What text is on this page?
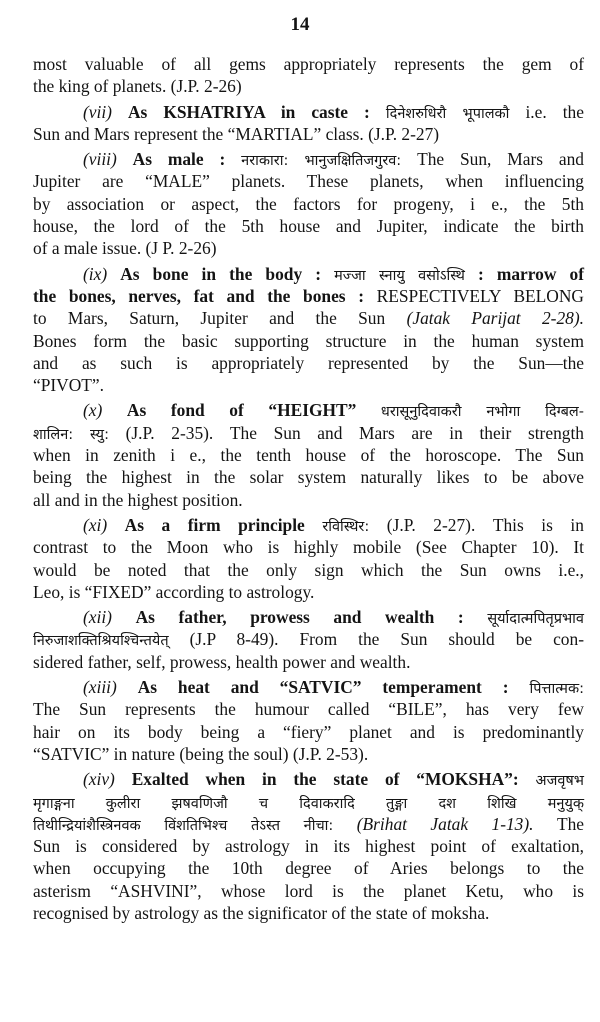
14
most valuable of all gems appropriately represents the gem of
the king of planets. (J.P. 2-26)
(vii) As KSHATRIYA in caste : दिनेशरुधिरौ भूपालकौ i.e. the
Sun and Mars represent the “MARTIAL” class. (J.P. 2-27)
(viii) As male : नराकारा: भानुजक्षितिजगुरव: The Sun, Mars and
Jupiter are “MALE” planets. These planets, when influencing
by association or aspect, the factors for progeny, i e., the 5th
house, the lord of the 5th house and Jupiter, indicate the birth
of a male issue. (J P. 2-26)
(ix) As bone in the body : मज्जा स्नायु वसोऽस्थि : marrow of
the bones, nerves, fat and the bones : RESPECTIVELY BELONG
to Mars, Saturn, Jupiter and the Sun (Jatak Parijat 2-28).
Bones form the basic supporting structure in the human system
and as such is appropriately represented by the Sun—the
“PIVOT”.
(x) As fond of “HEIGHT” धरासूनुदिवाकरौ नभोगा दिग्बल-
शालिन: स्यु: (J.P. 2-35). The Sun and Mars are in their strength
when in zenith i e., the tenth house of the horoscope. The Sun
being the highest in the solar system naturally likes to be above
all and in the highest position.
(xi) As a firm principle रविस्थिर: (J.P. 2-27). This is in
contrast to the Moon who is highly mobile (See Chapter 10). It
would be noted that the only sign which the Sun owns i.e.,
Leo, is “FIXED” according to astrology.
(xii) As father, prowess and wealth : सूर्यादात्मपितृप्रभाव
निरुजाशक्तिश्रियश्चिन्तयेत् (J.P 8-49). From the Sun should be con-
sidered father, self, prowess, health power and wealth.
(xiii) As heat and “SATVIC” temperament : पित्तात्मक:
The Sun represents the humour called “BILE”, has very few
hair on its body being a “fiery” planet and is predominantly
“SATVIC” in nature (being the soul) (J.P. 2-53).
(xiv) Exalted when in the state of “MOKSHA”: अजवृषभ
मृगाङ्गना कुलीरा झषवणिजौ च दिवाकरादि तुङ्गा दश शिखि मनुयुक्
तिथीन्द्रियांशैस्त्रिनवक विंशतिभिश्च तेऽस्त नीचा: (Brihat Jatak 1-13). The
Sun is considered by astrology in its highest point of exaltation,
when occupying the 10th degree of Aries belongs to the
asterism “ASHVINI”, whose lord is the planet Ketu, who is
recognised by astrology as the significator of the state of moksha.
